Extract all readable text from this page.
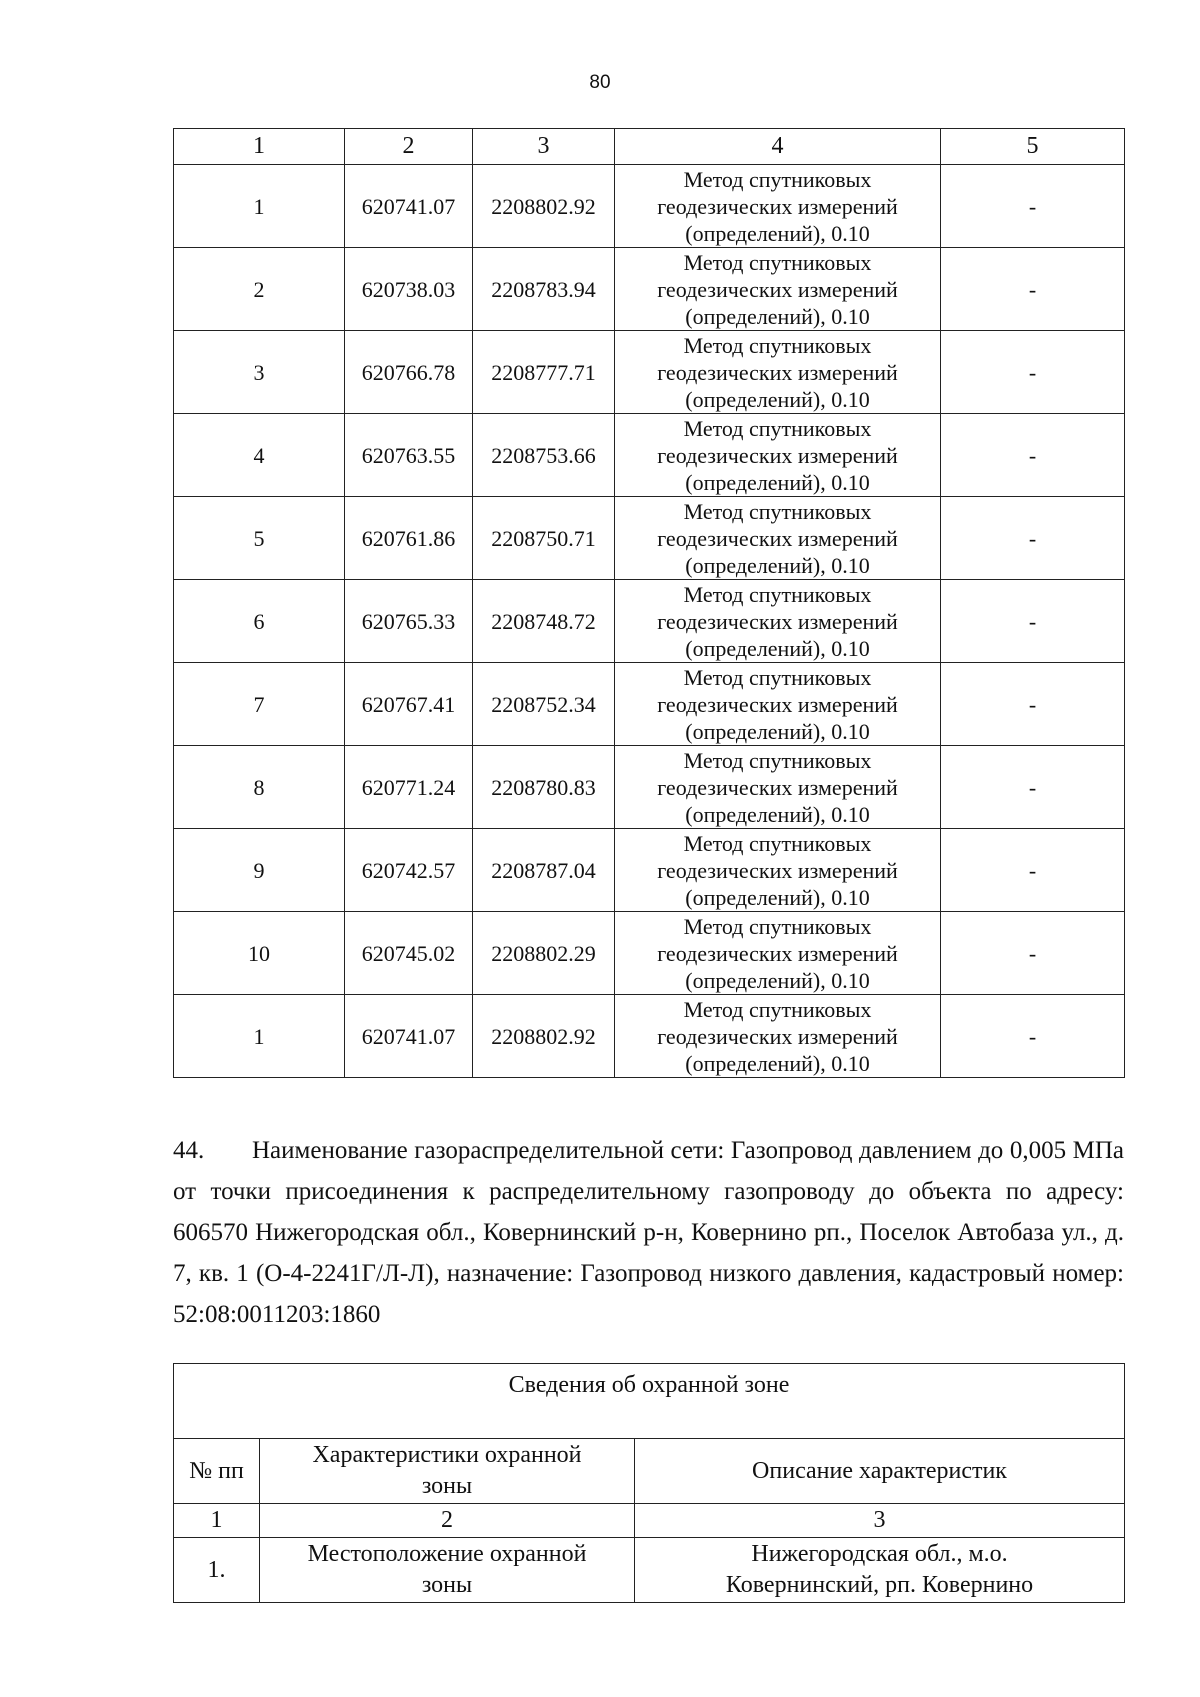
80
1	2	3	4	5
1	620741.07	2208802.92	Метод спутниковых
геодезических измерений
(определений), 0.10	-
2	620738.03	2208783.94	Метод спутниковых
геодезических измерений
(определений), 0.10	-
3	620766.78	2208777.71	Метод спутниковых
геодезических измерений
(определений), 0.10	-
4	620763.55	2208753.66	Метод спутниковых
геодезических измерений
(определений), 0.10	-
5	620761.86	2208750.71	Метод спутниковых
геодезических измерений
(определений), 0.10	-
6	620765.33	2208748.72	Метод спутниковых
геодезических измерений
(определений), 0.10	-
7	620767.41	2208752.34	Метод спутниковых
геодезических измерений
(определений), 0.10	-
8	620771.24	2208780.83	Метод спутниковых
геодезических измерений
(определений), 0.10	-
9	620742.57	2208787.04	Метод спутниковых
геодезических измерений
(определений), 0.10	-
10	620745.02	2208802.29	Метод спутниковых
геодезических измерений
(определений), 0.10	-
1	620741.07	2208802.92	Метод спутниковых
геодезических измерений
(определений), 0.10	-
44. Наименование газораспределительной сети: Газопровод давлением до 0,005 МПа от точки присоединения к распределительному газопроводу до объекта по адресу: 606570 Нижегородская обл., Ковернинский р-н, Ковернино рп., Поселок Автобаза ул., д. 7, кв. 1 (О-4-2241Г/Л-Л), назначение: Газопровод низкого давления, кадастровый номер: 52:08:0011203:1860
Сведения об охранной зоне		
№ пп	Характеристики охранной
зоны	Описание характеристик
1	2	3
1.	Местоположение охранной
зоны	Нижегородская обл., м.о.
Ковернинский, рп. Ковернино
